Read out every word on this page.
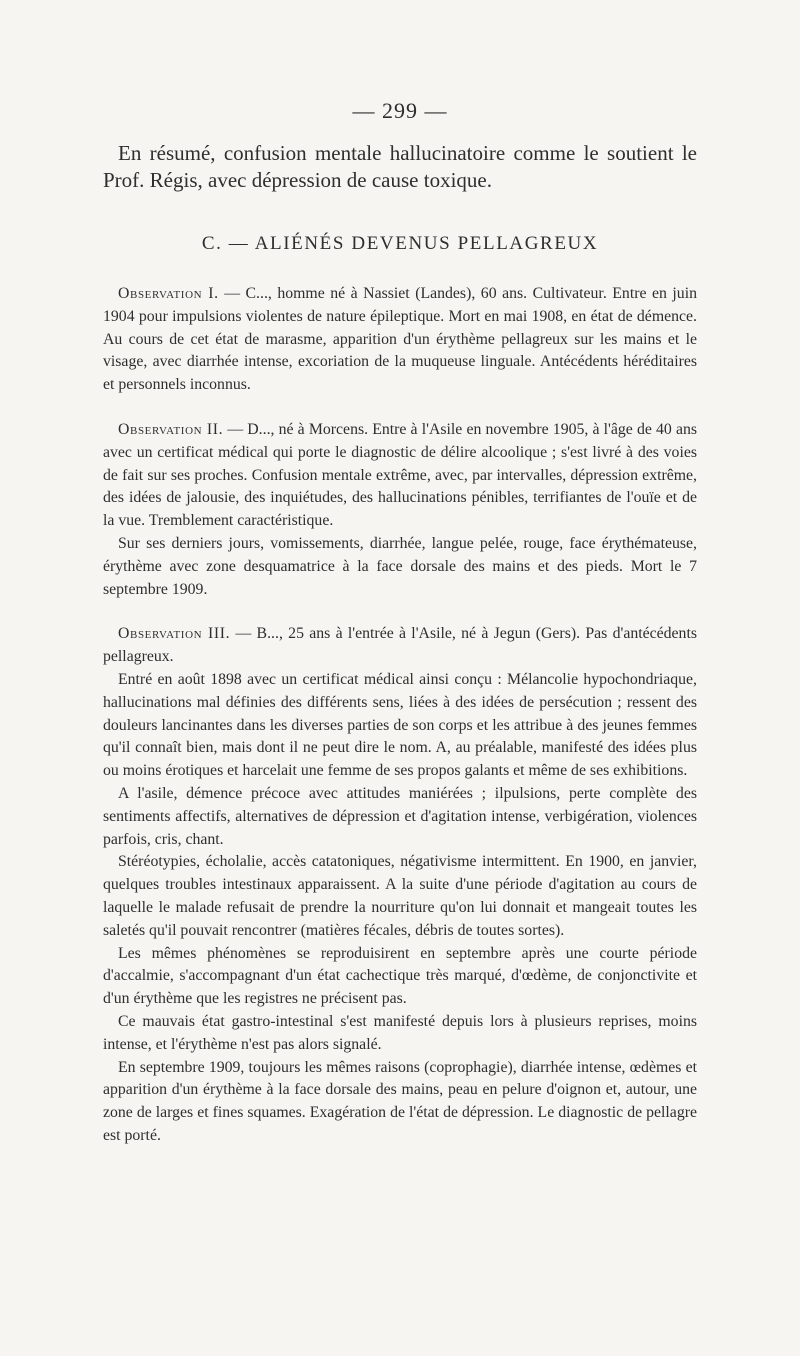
— 299 —

En résumé, confusion mentale hallucinatoire comme le soutient le Prof. Régis, avec dépression de cause toxique.

C. — ALIÉNÉS DEVENUS PELLAGREUX

Observation I. — C..., homme né à Nassiet (Landes), 60 ans. Cultivateur. Entre en juin 1904 pour impulsions violentes de nature épileptique. Mort en mai 1908, en état de démence. Au cours de cet état de marasme, apparition d'un érythème pellagreux sur les mains et le visage, avec diarrhée intense, excoriation de la muqueuse linguale. Antécédents héréditaires et personnels inconnus.

Observation II. — D..., né à Morcens. Entre à l'Asile en novembre 1905, à l'âge de 40 ans avec un certificat médical qui porte le diagnostic de délire alcoolique ; s'est livré à des voies de fait sur ses proches. Confusion mentale extrême, avec, par intervalles, dépression extrême, des idées de jalousie, des inquiétudes, des hallucinations pénibles, terrifiantes de l'ouïe et de la vue. Tremblement caractéristique.

Sur ses derniers jours, vomissements, diarrhée, langue pelée, rouge, face érythémateuse, érythème avec zone desquamatrice à la face dorsale des mains et des pieds. Mort le 7 septembre 1909.

Observation III. — B..., 25 ans à l'entrée à l'Asile, né à Jegun (Gers). Pas d'antécédents pellagreux.

Entré en août 1898 avec un certificat médical ainsi conçu : Mélancolie hypochondriaque, hallucinations mal définies des différents sens, liées à des idées de persécution ; ressent des douleurs lancinantes dans les diverses parties de son corps et les attribue à des jeunes femmes qu'il connaît bien, mais dont il ne peut dire le nom. A, au préalable, manifesté des idées plus ou moins érotiques et harcelait une femme de ses propos galants et même de ses exhibitions.

A l'asile, démence précoce avec attitudes maniérées ; ilpulsions, perte complète des sentiments affectifs, alternatives de dépression et d'agitation intense, verbigération, violences parfois, cris, chant.

Stéréotypies, écholalie, accès catatoniques, négativisme intermittent. En 1900, en janvier, quelques troubles intestinaux apparaissent. A la suite d'une période d'agitation au cours de laquelle le malade refusait de prendre la nourriture qu'on lui donnait et mangeait toutes les saletés qu'il pouvait rencontrer (matières fécales, débris de toutes sortes).

Les mêmes phénomènes se reproduisirent en septembre après une courte période d'accalmie, s'accompagnant d'un état cachectique très marqué, d'œdème, de conjonctivite et d'un érythème que les registres ne précisent pas.

Ce mauvais état gastro-intestinal s'est manifesté depuis lors à plusieurs reprises, moins intense, et l'érythème n'est pas alors signalé.

En septembre 1909, toujours les mêmes raisons (coprophagie), diarrhée intense, œdèmes et apparition d'un érythème à la face dorsale des mains, peau en pelure d'oignon et, autour, une zone de larges et fines squames. Exagération de l'état de dépression. Le diagnostic de pellagre est porté.
